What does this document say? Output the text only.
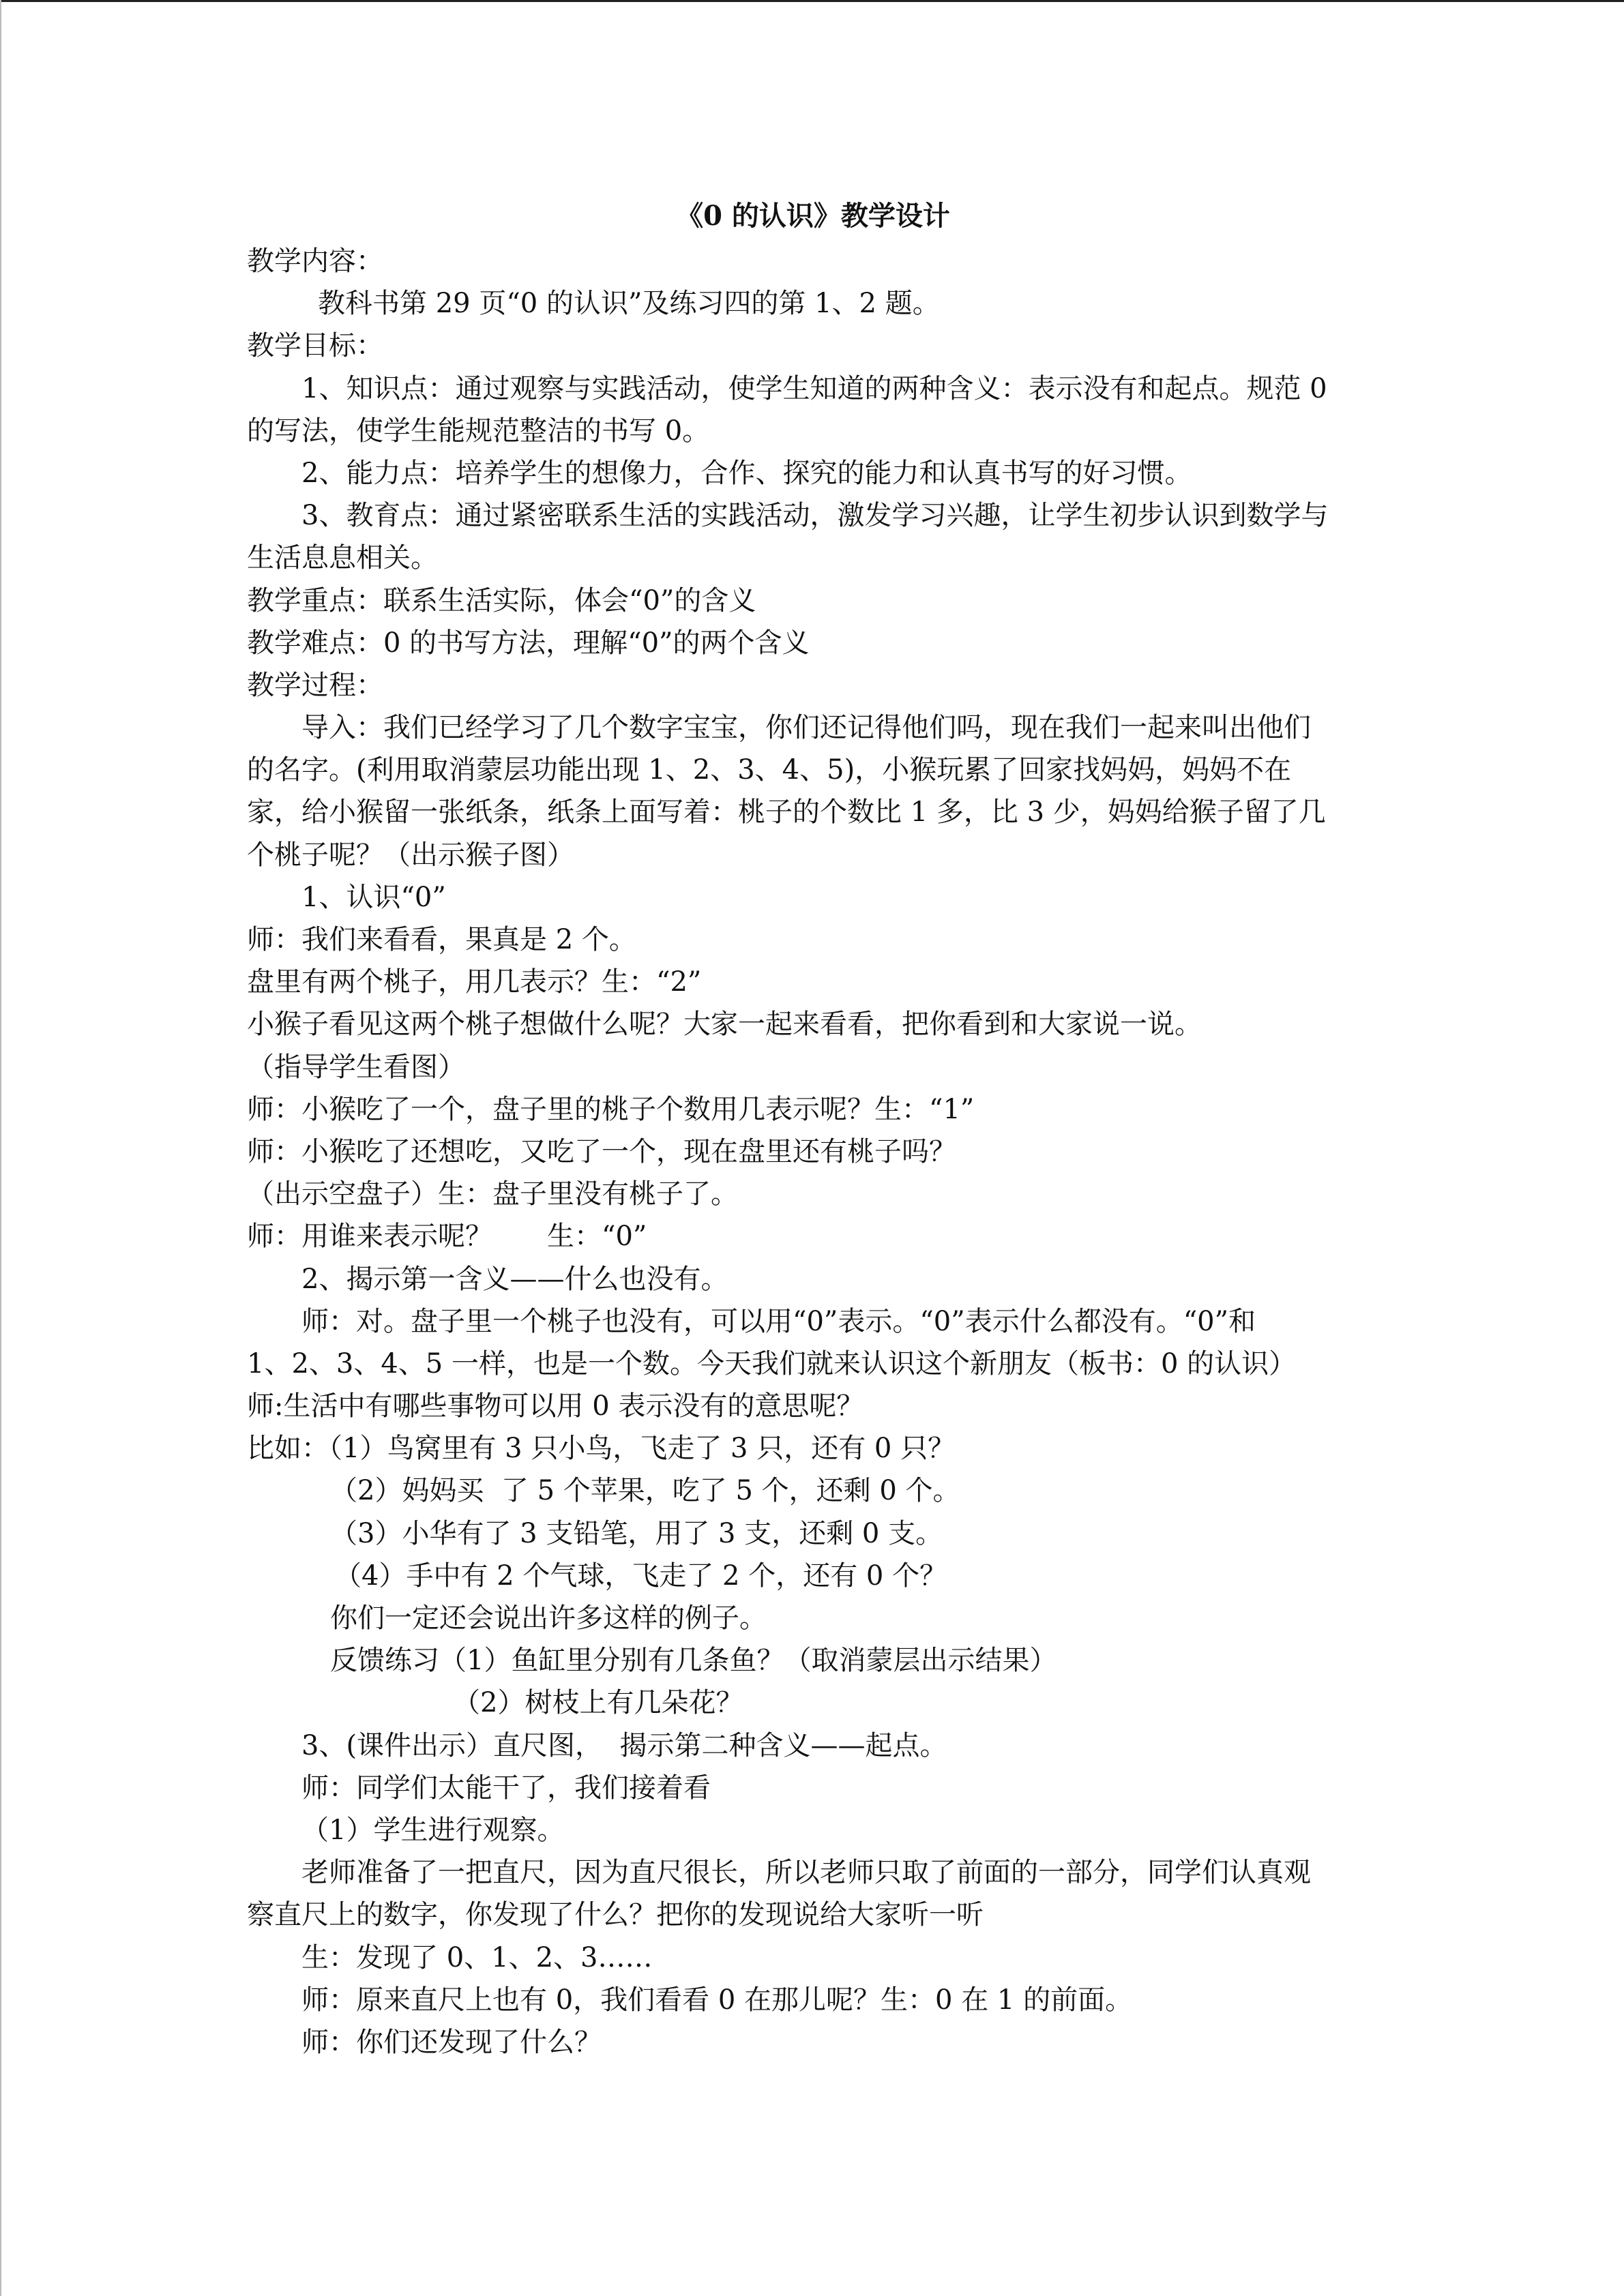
《0 的认识》教学设计
教学内容：
教科书第 29 页“0 的认识”及练习四的第 1、2 题。
教学目标：
1、知识点：通过观察与实践活动，使学生知道的两种含义：表示没有和起点。规范 0
的写法，使学生能规范整洁的书写 0。
2、能力点：培养学生的想像力，合作、探究的能力和认真书写的好习惯。
3、教育点：通过紧密联系生活的实践活动，激发学习兴趣，让学生初步认识到数学与
生活息息相关。
教学重点：联系生活实际，体会“0”的含义
教学难点：0 的书写方法，理解“0”的两个含义
教学过程：
导入：我们已经学习了几个数字宝宝，你们还记得他们吗，现在我们一起来叫出他们
的名字。(利用取消蒙层功能出现 1、2、3、4、5)，小猴玩累了回家找妈妈，妈妈不在
家，给小猴留一张纸条，纸条上面写着：桃子的个数比 1 多，比 3 少，妈妈给猴子留了几
个桃子呢？（出示猴子图）
1、认识“0”
师：我们来看看，果真是 2 个。
盘里有两个桃子，用几表示？生：“2”
小猴子看见这两个桃子想做什么呢？大家一起来看看，把你看到和大家说一说。
（指导学生看图）
师：小猴吃了一个，盘子里的桃子个数用几表示呢？生：“1”
师：小猴吃了还想吃，又吃了一个，现在盘里还有桃子吗？
（出示空盘子）生：盘子里没有桃子了。
师：用谁来表示呢？　　生：“0”
2、揭示第一含义——什么也没有。
师：对。盘子里一个桃子也没有，可以用“0”表示。“0”表示什么都没有。“0”和
1、2、3、4、5 一样，也是一个数。今天我们就来认识这个新朋友（板书：0 的认识）
师:生活中有哪些事物可以用 0 表示没有的意思呢？
比如：（1）鸟窝里有 3 只小鸟，飞走了 3 只，还有 0 只？
（2）妈妈买  了 5 个苹果，吃了 5 个，还剩 0 个。
（3）小华有了 3 支铅笔，用了 3 支，还剩 0 支。
（4）手中有 2 个气球，飞走了 2 个，还有 0 个？
你们一定还会说出许多这样的例子。
反馈练习（1）鱼缸里分别有几条鱼？（取消蒙层出示结果）
（2）树枝上有几朵花？
3、(课件出示）直尺图，  揭示第二种含义——起点。
师：同学们太能干了，我们接着看
（1）学生进行观察。
老师准备了一把直尺，因为直尺很长，所以老师只取了前面的一部分，同学们认真观
察直尺上的数字，你发现了什么？把你的发现说给大家听一听
生：发现了 0、1、2、3……
师：原来直尺上也有 0，我们看看 0 在那儿呢？生：0 在 1 的前面。
师：你们还发现了什么？
